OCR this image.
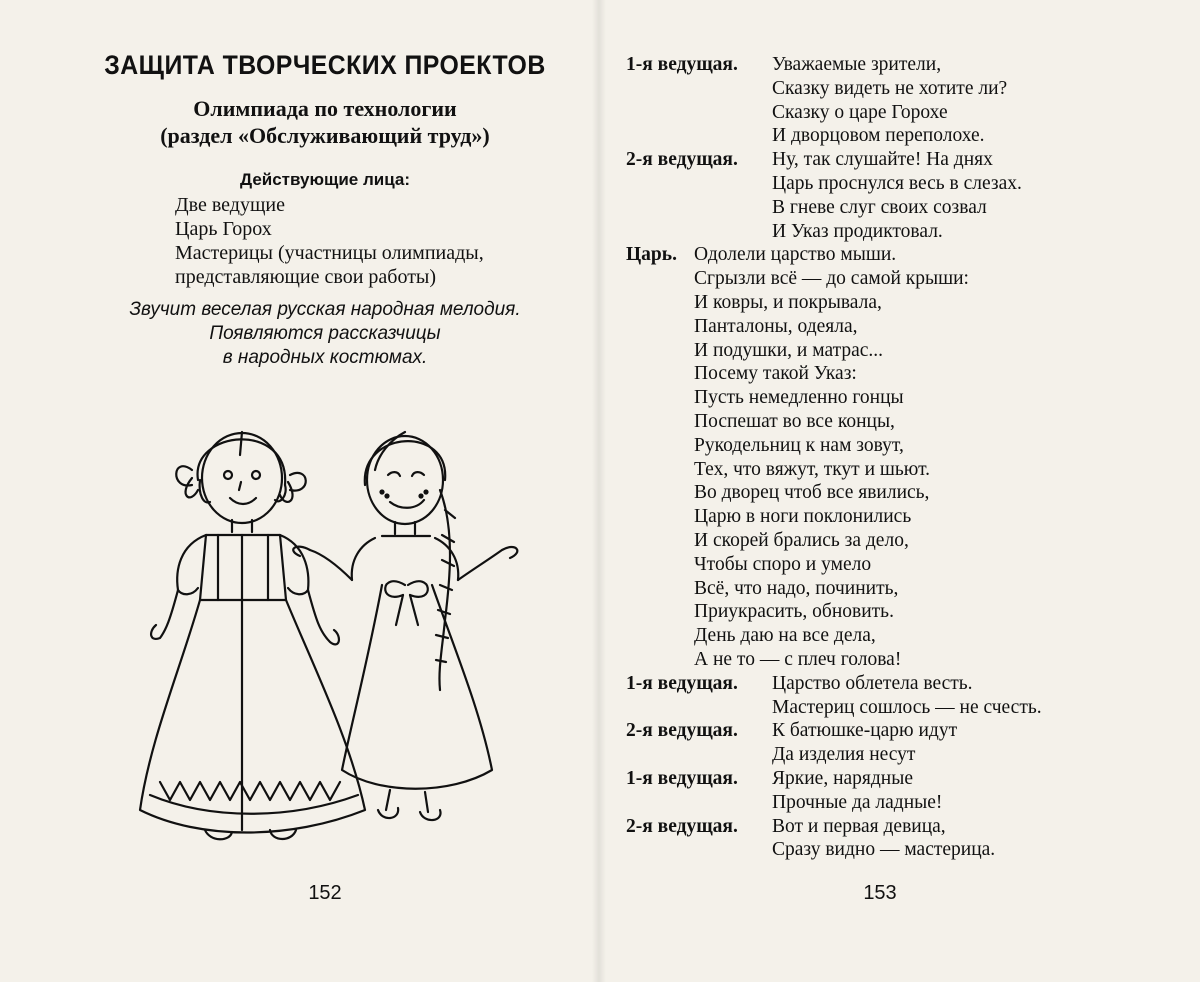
ЗАЩИТА ТВОРЧЕСКИХ ПРОЕКТОВ
Олимпиада по технологии
(раздел «Обслуживающий труд»)
Действующие лица:
Две ведущие
Царь Горох
Мастерицы (участницы олимпиады,
представляющие свои работы)
Звучит веселая русская народная мелодия.
Появляются рассказчицы
в народных костюмах.
152
1-я ведущая. Уважаемые зрители,
Сказку видеть не хотите ли?
Сказку о царе Горохе
И дворцовом переполохе.
2-я ведущая. Ну, так слушайте! На днях
Царь проснулся весь в слезах.
В гневе слуг своих созвал
И Указ продиктовал.
Царь. Одолели царство мыши.
Сгрызли всё — до самой крыши:
И ковры, и покрывала,
Панталоны, одеяла,
И подушки, и матрас...
Посему такой Указ:
Пусть немедленно гонцы
Поспешат во все концы,
Рукодельниц к нам зовут,
Тех, что вяжут, ткут и шьют.
Во дворец чтоб все явились,
Царю в ноги поклонились
И скорей брались за дело,
Чтобы споро и умело
Всё, что надо, починить,
Приукрасить, обновить.
День даю на все дела,
А не то — с плеч голова!
1-я ведущая. Царство облетела весть.
Мастериц сошлось — не счесть.
2-я ведущая. К батюшке-царю идут
Да изделия несут
1-я ведущая. Яркие, нарядные
Прочные да ладные!
2-я ведущая. Вот и первая девица,
Сразу видно — мастерица.
153
